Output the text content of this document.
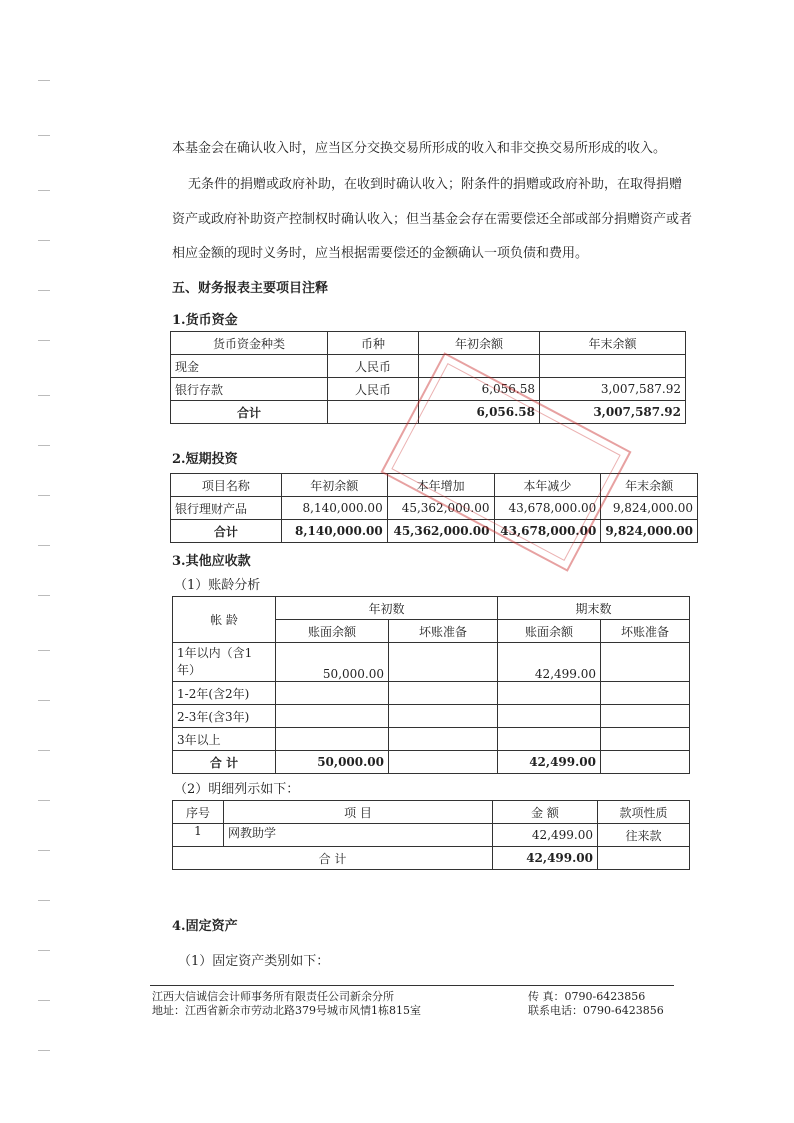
本基金会在确认收入时，应当区分交换交易所形成的收入和非交换交易所形成的收入。
无条件的捐赠或政府补助，在收到时确认收入；附条件的捐赠或政府补助，在取得捐赠
资产或政府补助资产控制权时确认收入；但当基金会存在需要偿还全部或部分捐赠资产或者
相应金额的现时义务时，应当根据需要偿还的金额确认一项负债和费用。
五、财务报表主要项目注释
1.货币资金
货币资金种类	币种	年初余额	年末余额
现金	人民币		
银行存款	人民币	6,056.58	3,007,587.92
合计		6,056.58	3,007,587.92
2.短期投资
项目名称	年初余额	本年增加	本年减少	年末余额
银行理财产品	8,140,000.00	45,362,000.00	43,678,000.00	9,824,000.00
合计	8,140,000.00	45,362,000.00	43,678,000.00	9,824,000.00
3.其他应收款
（1）账龄分析
帐 龄	年初数		期末数	
	账面余额	坏账准备	账面余额	坏账准备
1年以内（含1
年）	50,000.00		42,499.00	
1-2年(含2年)				
2-3年(含3年)				
3年以上				
合 计	50,000.00		42,499.00	
（2）明细列示如下：
序号	项 目	金 额	款项性质
1	网教助学	42,499.00	往来款
合 计		42,499.00	
4.固定资产
（1）固定资产类别如下：
江西大信诚信会计师事务所有限责任公司新余分所
地址：江西省新余市劳动北路379号城市风情1栋815室
传 真：0790-6423856
联系电话：0790-6423856
